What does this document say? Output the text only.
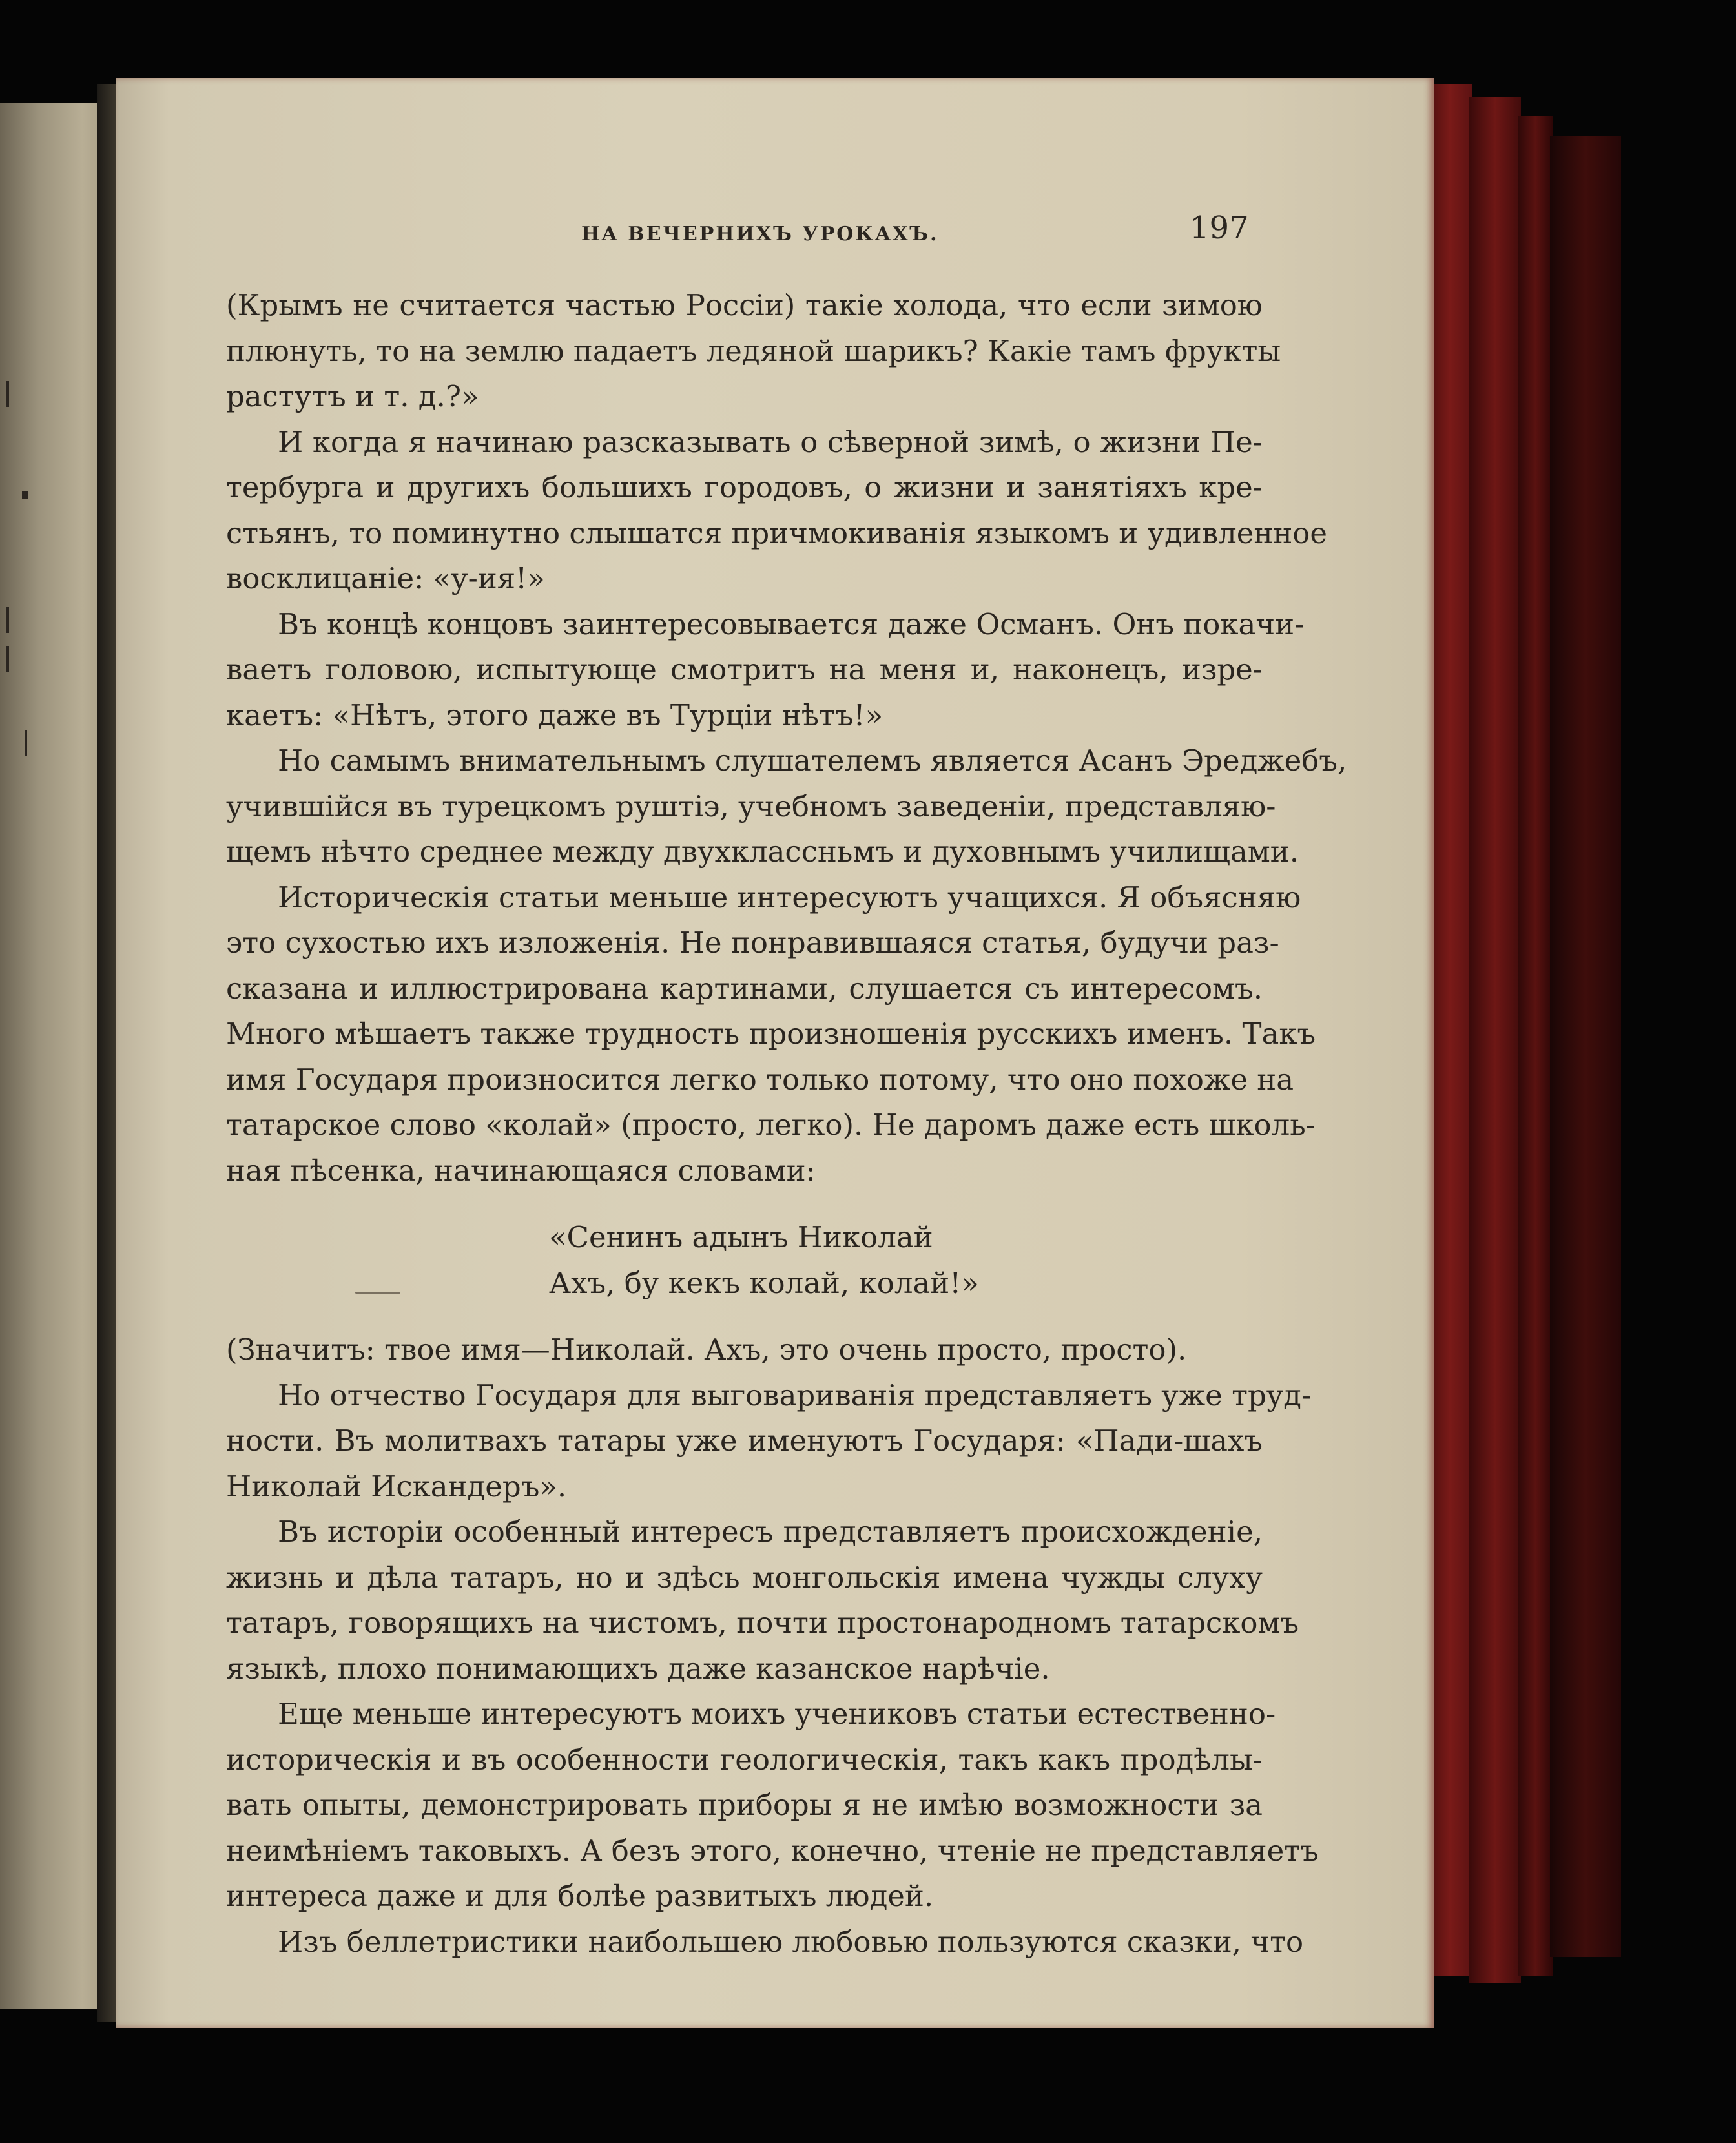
НА ВЕЧЕРНИХЪ УРОКАХЪ.	197
(Крымъ не считается частью Россіи) такіе холода, что если зимою
плюнуть, то на землю падаетъ ледяной шарикъ? Какіе тамъ фрукты
растутъ и т. д.?»
И когда я начинаю разсказывать о сѣверной зимѣ, о жизни Пе-
тербурга и другихъ большихъ городовъ, о жизни и занятіяхъ кре-
стьянъ, то поминутно слышатся причмокиванія языкомъ и удивленное
восклицаніе: «у-ия!»
Въ концѣ концовъ заинтересовывается даже Османъ. Онъ покачи-
ваетъ головою, испытующе смотритъ на меня и, наконецъ, изре-
каетъ: «Нѣтъ, этого даже въ Турціи нѣтъ!»
Но самымъ внимательнымъ слушателемъ является Асанъ Эреджебъ,
учившійся въ турецкомъ руштіэ, учебномъ заведеніи, представляю-
щемъ нѣчто среднее между двухклассньмъ и духовнымъ училищами.
Историческія статьи меньше интересуютъ учащихся. Я объясняю
это сухостью ихъ изложенія. Не понравившаяся статья, будучи раз-
сказана и иллюстрирована картинами, слушается съ интересомъ.
Много мѣшаетъ также трудность произношенія русскихъ именъ. Такъ
имя Государя произносится легко только потому, что оно похоже на
татарское слово «колай» (просто, легко). Не даромъ даже есть школь-
ная пѣсенка, начинающаяся словами:
«Сенинъ адынъ Николай
Ахъ, бу кекъ колай, колай!»
(Значитъ: твое имя—Николай. Ахъ, это очень просто, просто).
Но отчество Государя для выговариванія представляетъ уже труд-
ности. Въ молитвахъ татары уже именуютъ Государя: «Пади-шахъ
Николай Искандеръ».
Въ исторіи особенный интересъ представляетъ происхожденіе,
жизнь и дѣла татаръ, но и здѣсь монгольскія имена чужды слуху
татаръ, говорящихъ на чистомъ, почти простонародномъ татарскомъ
языкѣ, плохо понимающихъ даже казанское нарѣчіе.
Еще меньше интересуютъ моихъ учениковъ статьи естественно-
историческія и въ особенности геологическія, такъ какъ продѣлы-
вать опыты, демонстрировать приборы я не имѣю возможности за
неимѣніемъ таковыхъ. А безъ этого, конечно, чтеніе не представляетъ
интереса даже и для болѣе развитыхъ людей.
Изъ беллетристики наибольшею любовью пользуются сказки, что
